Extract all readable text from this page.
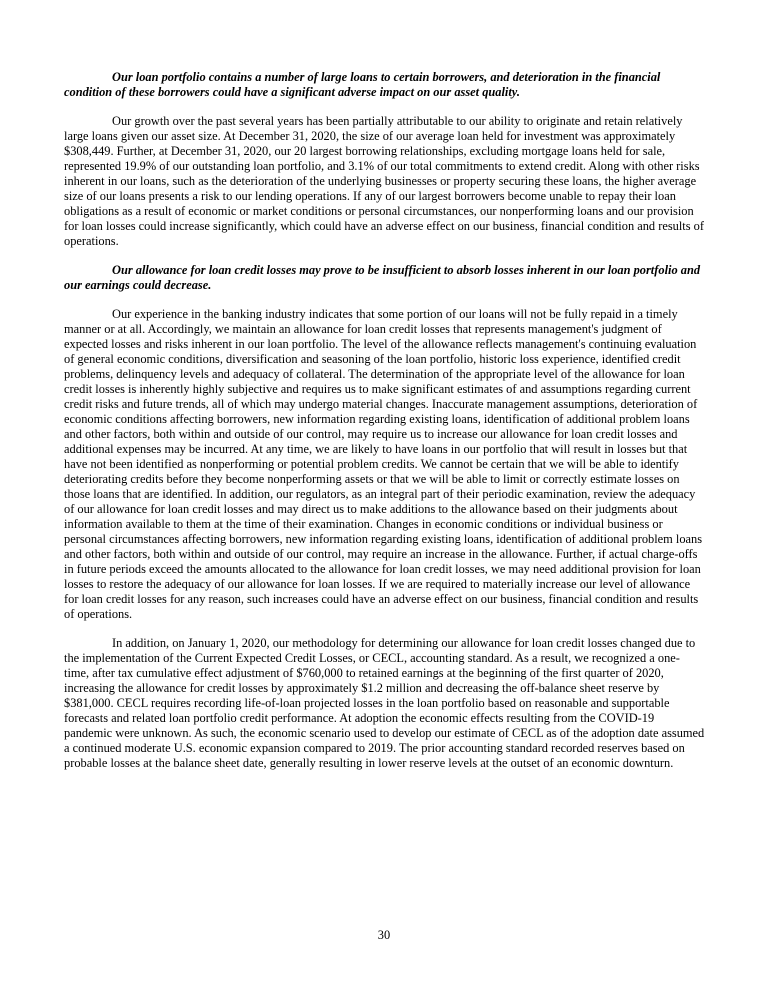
Our loan portfolio contains a number of large loans to certain borrowers, and deterioration in the financial condition of these borrowers could have a significant adverse impact on our asset quality.

Our growth over the past several years has been partially attributable to our ability to originate and retain relatively large loans given our asset size. At December 31, 2020, the size of our average loan held for investment was approximately $308,449. Further, at December 31, 2020, our 20 largest borrowing relationships, excluding mortgage loans held for sale, represented 19.9% of our outstanding loan portfolio, and 3.1% of our total commitments to extend credit. Along with other risks inherent in our loans, such as the deterioration of the underlying businesses or property securing these loans, the higher average size of our loans presents a risk to our lending operations. If any of our largest borrowers become unable to repay their loan obligations as a result of economic or market conditions or personal circumstances, our nonperforming loans and our provision for loan losses could increase significantly, which could have an adverse effect on our business, financial condition and results of operations.

Our allowance for loan credit losses may prove to be insufficient to absorb losses inherent in our loan portfolio and our earnings could decrease.

Our experience in the banking industry indicates that some portion of our loans will not be fully repaid in a timely manner or at all. Accordingly, we maintain an allowance for loan credit losses that represents management's judgment of expected losses and risks inherent in our loan portfolio. The level of the allowance reflects management's continuing evaluation of general economic conditions, diversification and seasoning of the loan portfolio, historic loss experience, identified credit problems, delinquency levels and adequacy of collateral. The determination of the appropriate level of the allowance for loan credit losses is inherently highly subjective and requires us to make significant estimates of and assumptions regarding current credit risks and future trends, all of which may undergo material changes. Inaccurate management assumptions, deterioration of economic conditions affecting borrowers, new information regarding existing loans, identification of additional problem loans and other factors, both within and outside of our control, may require us to increase our allowance for loan credit losses and additional expenses may be incurred. At any time, we are likely to have loans in our portfolio that will result in losses but that have not been identified as nonperforming or potential problem credits. We cannot be certain that we will be able to identify deteriorating credits before they become nonperforming assets or that we will be able to limit or correctly estimate losses on those loans that are identified. In addition, our regulators, as an integral part of their periodic examination, review the adequacy of our allowance for loan credit losses and may direct us to make additions to the allowance based on their judgments about information available to them at the time of their examination. Changes in economic conditions or individual business or personal circumstances affecting borrowers, new information regarding existing loans, identification of additional problem loans and other factors, both within and outside of our control, may require an increase in the allowance. Further, if actual charge-offs in future periods exceed the amounts allocated to the allowance for loan credit losses, we may need additional provision for loan losses to restore the adequacy of our allowance for loan losses. If we are required to materially increase our level of allowance for loan credit losses for any reason, such increases could have an adverse effect on our business, financial condition and results of operations.

In addition, on January 1, 2020, our methodology for determining our allowance for loan credit losses changed due to the implementation of the Current Expected Credit Losses, or CECL, accounting standard. As a result, we recognized a one-time, after tax cumulative effect adjustment of $760,000 to retained earnings at the beginning of the first quarter of 2020, increasing the allowance for credit losses by approximately $1.2 million and decreasing the off-balance sheet reserve by $381,000. CECL requires recording life-of-loan projected losses in the loan portfolio based on reasonable and supportable forecasts and related loan portfolio credit performance. At adoption the economic effects resulting from the COVID-19 pandemic were unknown. As such, the economic scenario used to develop our estimate of CECL as of the adoption date assumed a continued moderate U.S. economic expansion compared to 2019. The prior accounting standard recorded reserves based on probable losses at the balance sheet date, generally resulting in lower reserve levels at the outset of an economic downturn.

30
